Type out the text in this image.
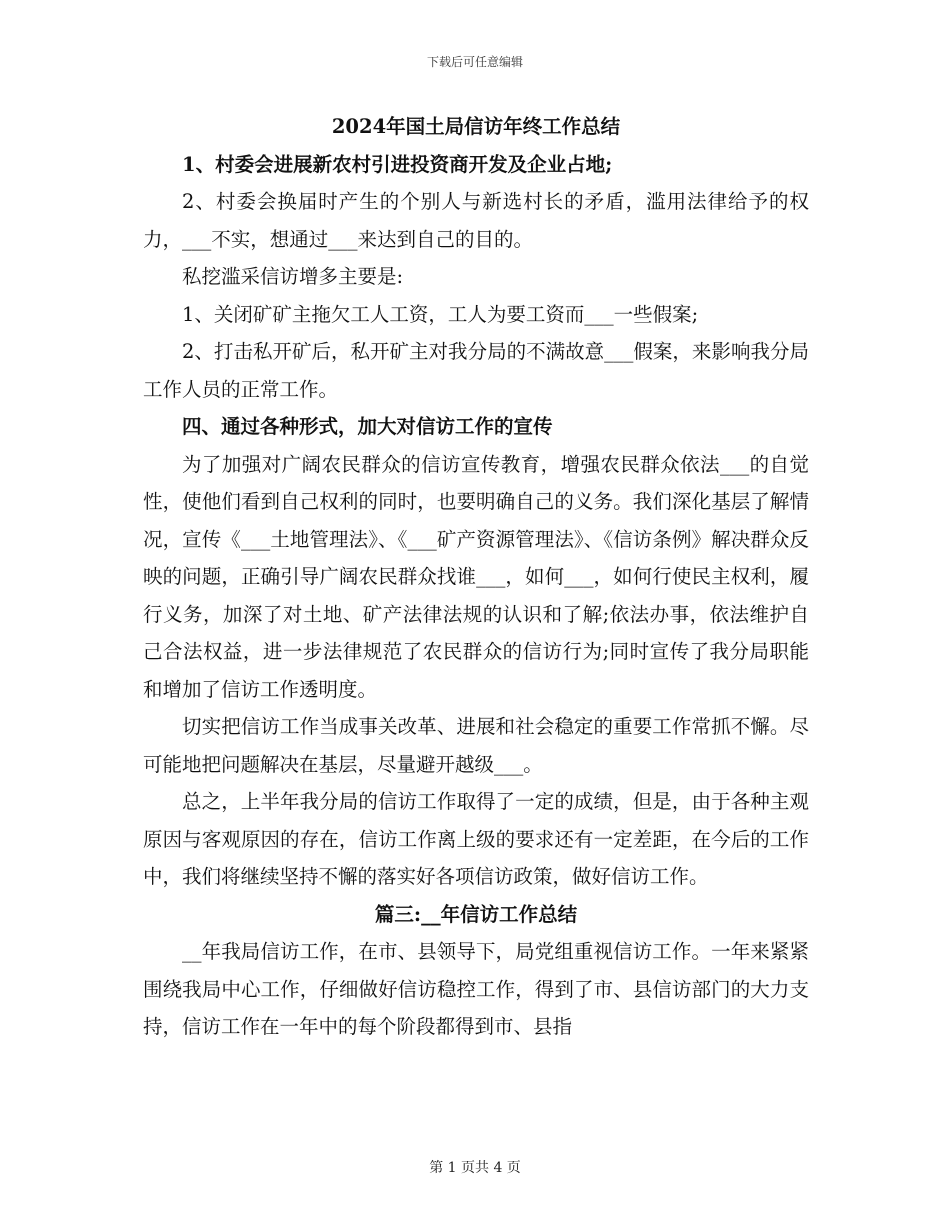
下载后可任意编辑

2024年国土局信访年终工作总结

1、村委会进展新农村引进投资商开发及企业占地;

2、村委会换届时产生的个别人与新选村长的矛盾，滥用法律给予的权力，___不实，想通过___来达到自己的目的。

私挖滥采信访增多主要是:

1、关闭矿矿主拖欠工人工资，工人为要工资而___一些假案;

2、打击私开矿后，私开矿主对我分局的不满故意___假案，来影响我分局工作人员的正常工作。

四、通过各种形式，加大对信访工作的宣传

为了加强对广阔农民群众的信访宣传教育，增强农民群众依法___的自觉性，使他们看到自己权利的同时，也要明确自己的义务。我们深化基层了解情况，宣传《___土地管理法》、《___矿产资源管理法》、《信访条例》解决群众反映的问题，正确引导广阔农民群众找谁___，如何___，如何行使民主权利，履行义务，加深了对土地、矿产法律法规的认识和了解;依法办事，依法维护自己合法权益，进一步法律规范了农民群众的信访行为;同时宣传了我分局职能和增加了信访工作透明度。

切实把信访工作当成事关改革、进展和社会稳定的重要工作常抓不懈。尽可能地把问题解决在基层，尽量避开越级___。

总之，上半年我分局的信访工作取得了一定的成绩，但是，由于各种主观原因与客观原因的存在，信访工作离上级的要求还有一定差距，在今后的工作中，我们将继续坚持不懈的落实好各项信访政策，做好信访工作。

篇三:__年信访工作总结

__年我局信访工作，在市、县领导下，局党组重视信访工作。一年来紧紧围绕我局中心工作，仔细做好信访稳控工作，得到了市、县信访部门的大力支持，信访工作在一年中的每个阶段都得到市、县指

第 1 页共 4 页
